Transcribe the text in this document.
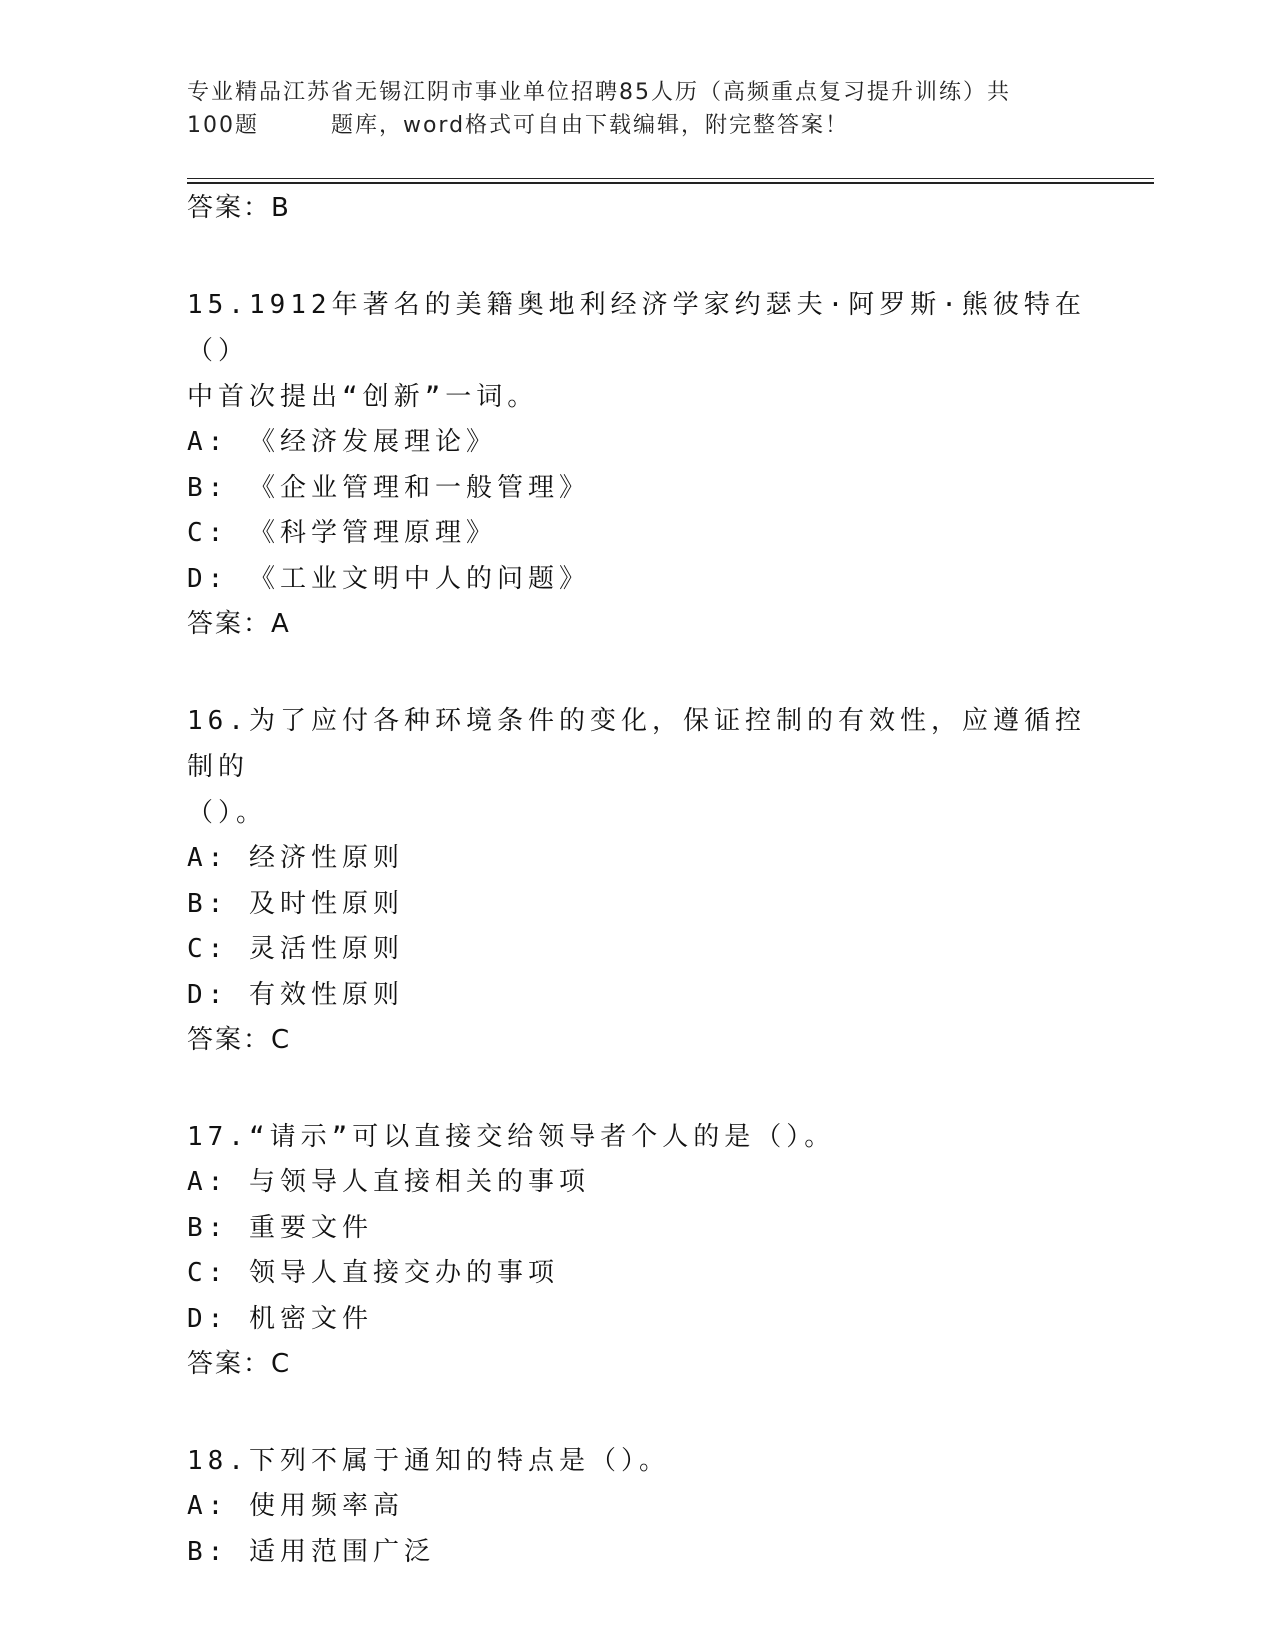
专业精品江苏省无锡江阴市事业单位招聘85人历（高频重点复习提升训练）共

100题	题库，word格式可自由下载编辑，附完整答案！
答案：B
15.1912年著名的美籍奥地利经济学家约瑟夫·阿罗斯·熊彼特在（）
中首次提出“创新”一词。
A: 《经济发展理论》
B: 《企业管理和一般管理》
C: 《科学管理原理》
D: 《工业文明中人的问题》
答案：A
16.为了应付各种环境条件的变化，保证控制的有效性，应遵循控制的
（）。
A: 经济性原则
B: 及时性原则
C: 灵活性原则
D: 有效性原则
答案：C
17.“请示”可以直接交给领导者个人的是（）。
A: 与领导人直接相关的事项
B: 重要文件
C: 领导人直接交办的事项
D: 机密文件
答案：C
18.下列不属于通知的特点是（）。
A: 使用频率高
B: 适用范围广泛
